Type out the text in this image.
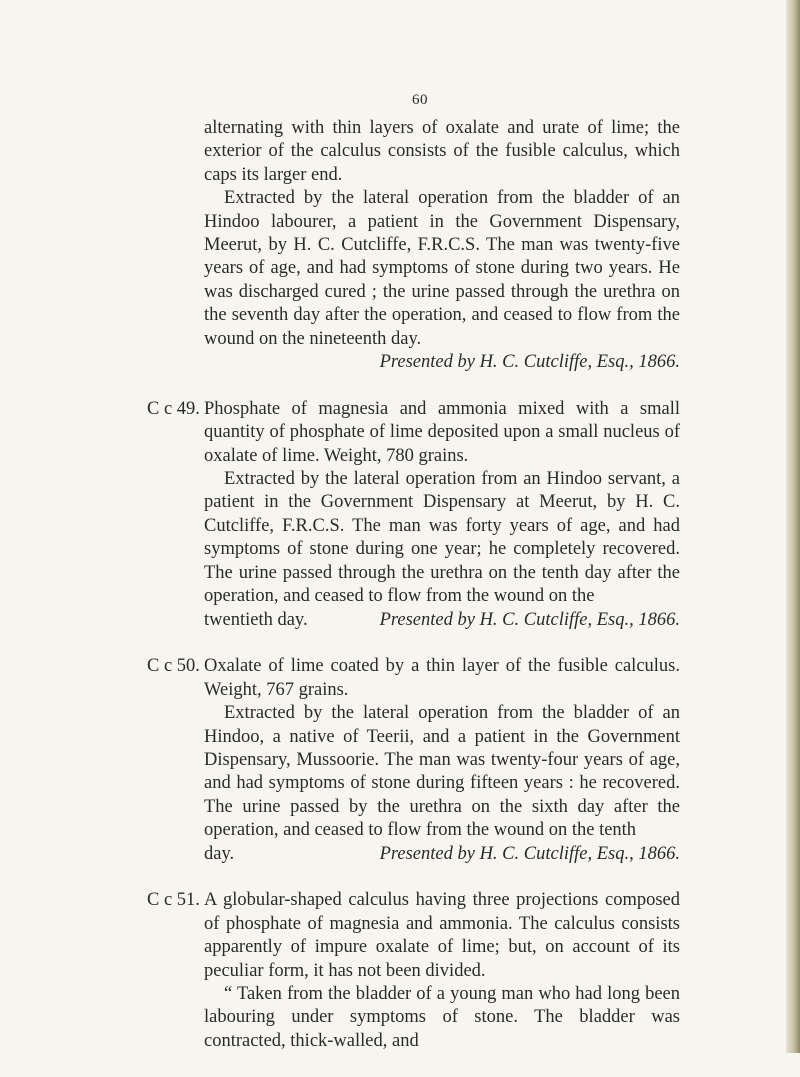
60

alternating with thin layers of oxalate and urate of lime; the exterior of the calculus consists of the fusible calculus, which caps its larger end.

Extracted by the lateral operation from the bladder of an Hindoo labourer, a patient in the Government Dispensary, Meerut, by H. C. Cutcliffe, F.R.C.S. The man was twenty-five years of age, and had symptoms of stone during two years. He was discharged cured ; the urine passed through the urethra on the seventh day after the operation, and ceased to flow from the wound on the nineteenth day.

Presented by H. C. Cutcliffe, Esq., 1866.

C c 49. Phosphate of magnesia and ammonia mixed with a small quantity of phosphate of lime deposited upon a small nucleus of oxalate of lime. Weight, 780 grains.

Extracted by the lateral operation from an Hindoo servant, a patient in the Government Dispensary at Meerut, by H. C. Cutcliffe, F.R.C.S. The man was forty years of age, and had symptoms of stone during one year; he completely recovered. The urine passed through the urethra on the tenth day after the operation, and ceased to flow from the wound on the

twentieth day.	Presented by H. C. Cutcliffe, Esq., 1866.

C c 50. Oxalate of lime coated by a thin layer of the fusible calculus. Weight, 767 grains.

Extracted by the lateral operation from the bladder of an Hindoo, a native of Teerii, and a patient in the Government Dispensary, Mussoorie. The man was twenty-four years of age, and had symptoms of stone during fifteen years : he recovered. The urine passed by the urethra on the sixth day after the operation, and ceased to flow from the wound on the tenth

day.	Presented by H. C. Cutcliffe, Esq., 1866.

C c 51. A globular-shaped calculus having three projections composed of phosphate of magnesia and ammonia. The calculus consists apparently of impure oxalate of lime; but, on account of its peculiar form, it has not been divided.

“ Taken from the bladder of a young man who had long been labouring under symptoms of stone. The bladder was contracted, thick-walled, and
